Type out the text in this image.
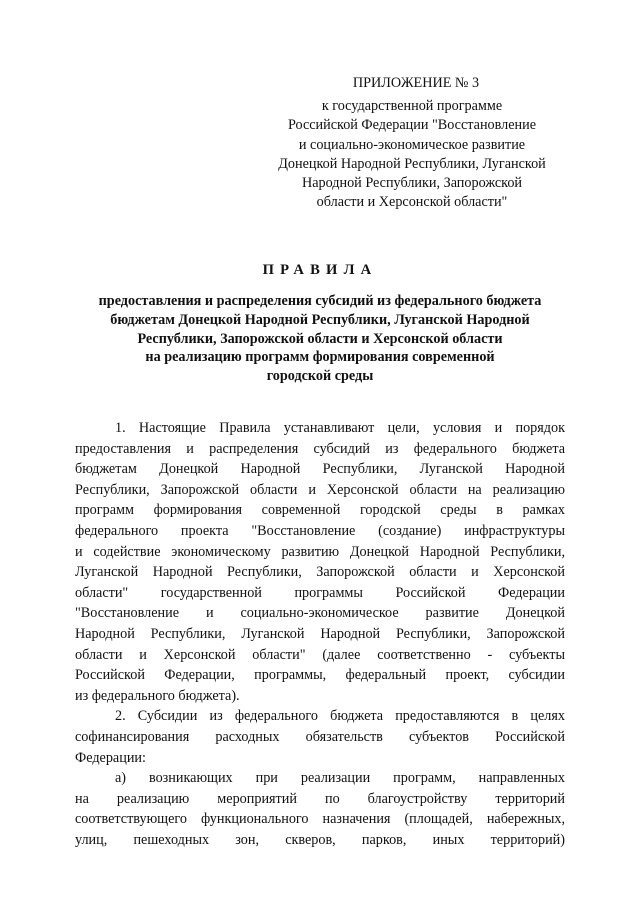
ПРИЛОЖЕНИЕ № 3
к государственной программе
Российской Федерации "Восстановление
и социально-экономическое развитие
Донецкой Народной Республики, Луганской
Народной Республики, Запорожской
области и Херсонской области"
ПРАВИЛА
предоставления и распределения субсидий из федерального бюджета
бюджетам Донецкой Народной Республики, Луганской Народной
Республики, Запорожской области и Херсонской области
на реализацию программ формирования современной
городской среды
1. Настоящие Правила устанавливают цели, условия и порядок
предоставления и распределения субсидий из федерального бюджета
бюджетам Донецкой Народной Республики, Луганской Народной
Республики, Запорожской области и Херсонской области на реализацию
программ формирования современной городской среды в рамках
федерального проекта "Восстановление (создание) инфраструктуры
и содействие экономическому развитию Донецкой Народной Республики,
Луганской Народной Республики, Запорожской области и Херсонской
области" государственной программы Российской Федерации
"Восстановление и социально-экономическое развитие Донецкой
Народной Республики, Луганской Народной Республики, Запорожской
области и Херсонской области" (далее соответственно - субъекты
Российской Федерации, программы, федеральный проект, субсидии
из федерального бюджета).
2. Субсидии из федерального бюджета предоставляются в целях
софинансирования расходных обязательств субъектов Российской
Федерации:
а) возникающих при реализации программ, направленных
на реализацию мероприятий по благоустройству территорий
соответствующего функционального назначения (площадей, набережных,
улиц, пешеходных зон, скверов, парков, иных территорий)
